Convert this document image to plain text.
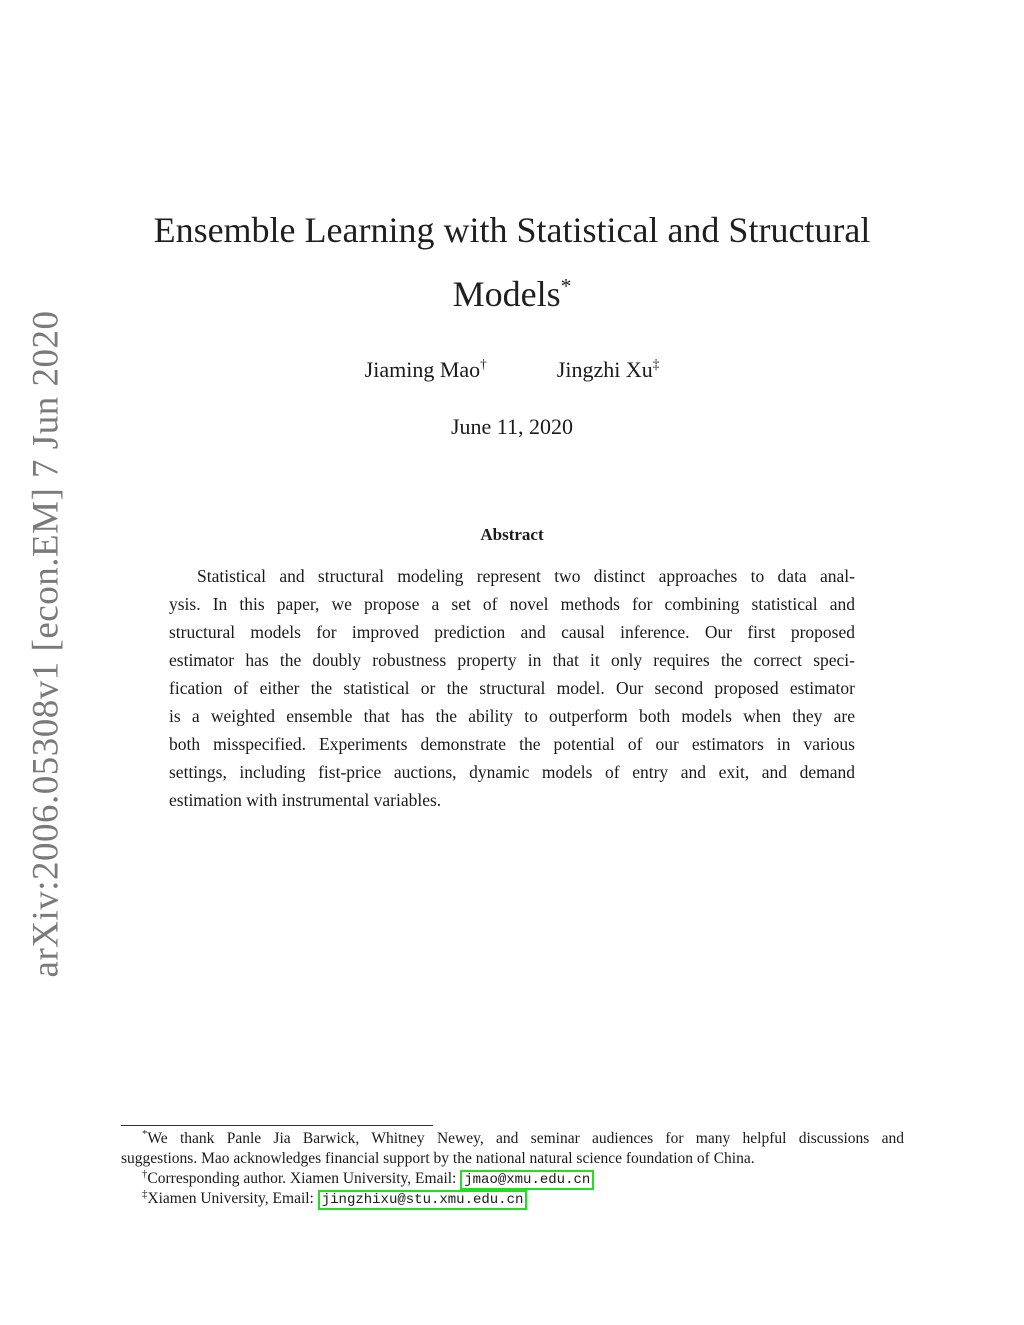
arXiv:2006.05308v1 [econ.EM] 7 Jun 2020
Ensemble Learning with Statistical and Structural
Models*
Jiaming Mao†	Jingzhi Xu‡
June 11, 2020
Abstract
Statistical and structural modeling represent two distinct approaches to data anal-
ysis. In this paper, we propose a set of novel methods for combining statistical and
structural models for improved prediction and causal inference. Our first proposed
estimator has the doubly robustness property in that it only requires the correct speci-
fication of either the statistical or the structural model. Our second proposed estimator
is a weighted ensemble that has the ability to outperform both models when they are
both misspecified. Experiments demonstrate the potential of our estimators in various
settings, including fist-price auctions, dynamic models of entry and exit, and demand
estimation with instrumental variables.
*We thank Panle Jia Barwick, Whitney Newey, and seminar audiences for many helpful discussions and
suggestions. Mao acknowledges financial support by the national natural science foundation of China.
†Corresponding author. Xiamen University, Email: jmao@xmu.edu.cn
‡Xiamen University, Email: jingzhixu@stu.xmu.edu.cn
